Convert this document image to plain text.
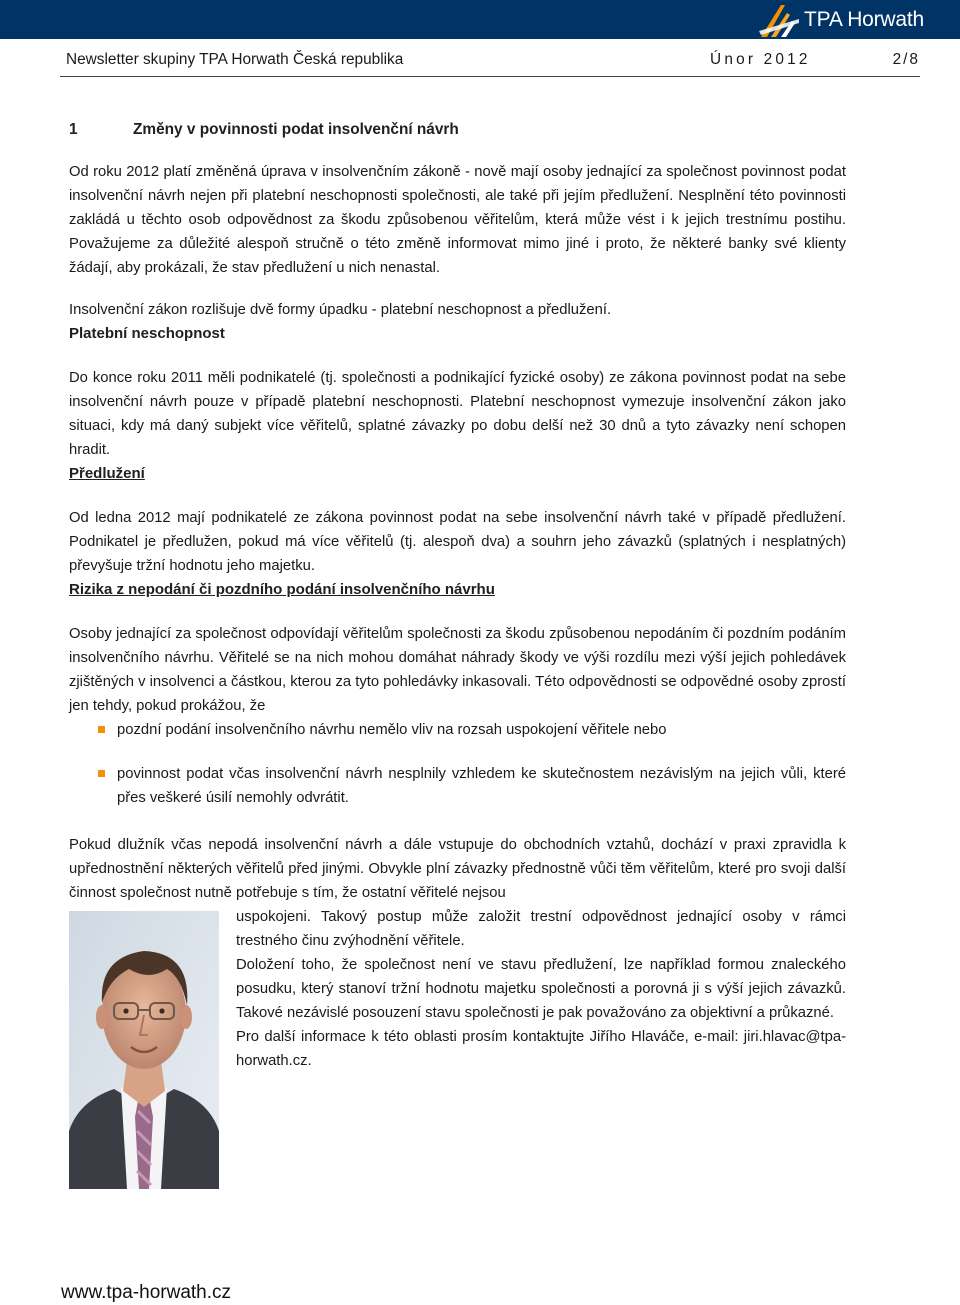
TPA Horwath
Newsletter skupiny TPA Horwath Česká republika	Únor 2012	2/8

1	Změny v povinnosti podat insolvenční návrh

Od roku 2012 platí změněná úprava v insolvenčním zákoně - nově mají osoby jednající za společnost povinnost podat insolvenční návrh nejen při platební neschopnosti společnosti, ale také při jejím předlužení. Nesplnění této povinnosti zakládá u těchto osob odpovědnost za škodu způsobenou věřitelům, která může vést i k jejich trestnímu postihu. Považujeme za důležité alespoň stručně o této změně informovat mimo jiné i proto, že některé banky své klienty žádají, aby prokázali, že stav předlužení u nich nenastal.

Insolvenční zákon rozlišuje dvě formy úpadku - platební neschopnost a předlužení.

Platební neschopnost

Do konce roku 2011 měli podnikatelé (tj. společnosti a podnikající fyzické osoby) ze zákona povinnost podat na sebe insolvenční návrh pouze v případě platební neschopnosti. Platební neschopnost vymezuje insolvenční zákon jako situaci, kdy má daný subjekt více věřitelů, splatné závazky po dobu delší než 30 dnů a tyto závazky není schopen hradit.

Předlužení

Od ledna 2012 mají podnikatelé ze zákona povinnost podat na sebe insolvenční návrh také v případě předlužení. Podnikatel je předlužen, pokud má více věřitelů (tj. alespoň dva) a souhrn jeho závazků (splatných i nesplatných) převyšuje tržní hodnotu jeho majetku.

Rizika z nepodání či pozdního podání insolvenčního návrhu

Osoby jednající za společnost odpovídají věřitelům společnosti za škodu způsobenou nepodáním či pozdním podáním insolvenčního návrhu. Věřitelé se na nich mohou domáhat náhrady škody ve výši rozdílu mezi výší jejich pohledávek zjištěných v insolvenci a částkou, kterou za tyto pohledávky inkasovali. Této odpovědnosti se odpovědné osoby zprostí jen tehdy, pokud prokážou, že

pozdní podání insolvenčního návrhu nemělo vliv na rozsah uspokojení věřitele nebo
povinnost podat včas insolvenční návrh nesplnily vzhledem ke skutečnostem nezávislým na jejich vůli, které přes veškeré úsilí nemohly odvrátit.
Pokud dlužník včas nepodá insolvenční návrh a dále vstupuje do obchodních vztahů, dochází v praxi zpravidla k upřednostnění některých věřitelů před jinými. Obvykle plní závazky přednostně vůči těm věřitelům, které pro svoji další činnost společnost nutně potřebuje s tím, že ostatní věřitelé nejsou
uspokojeni. Takový postup může založit trestní odpovědnost jednající osoby v rámci trestného činu zvýhodnění věřitele.

Doložení toho, že společnost není ve stavu předlužení, lze například formou znaleckého posudku, který stanoví tržní hodnotu majetku společnosti a porovná ji s výší jejich závazků. Takové nezávislé posouzení stavu společnosti je pak považováno za objektivní a průkazné.

Pro další informace k této oblasti prosím kontaktujte Jiřího Hlaváče, e-mail: jiri.hlavac@tpa-horwath.cz.

www.tpa-horwath.cz
